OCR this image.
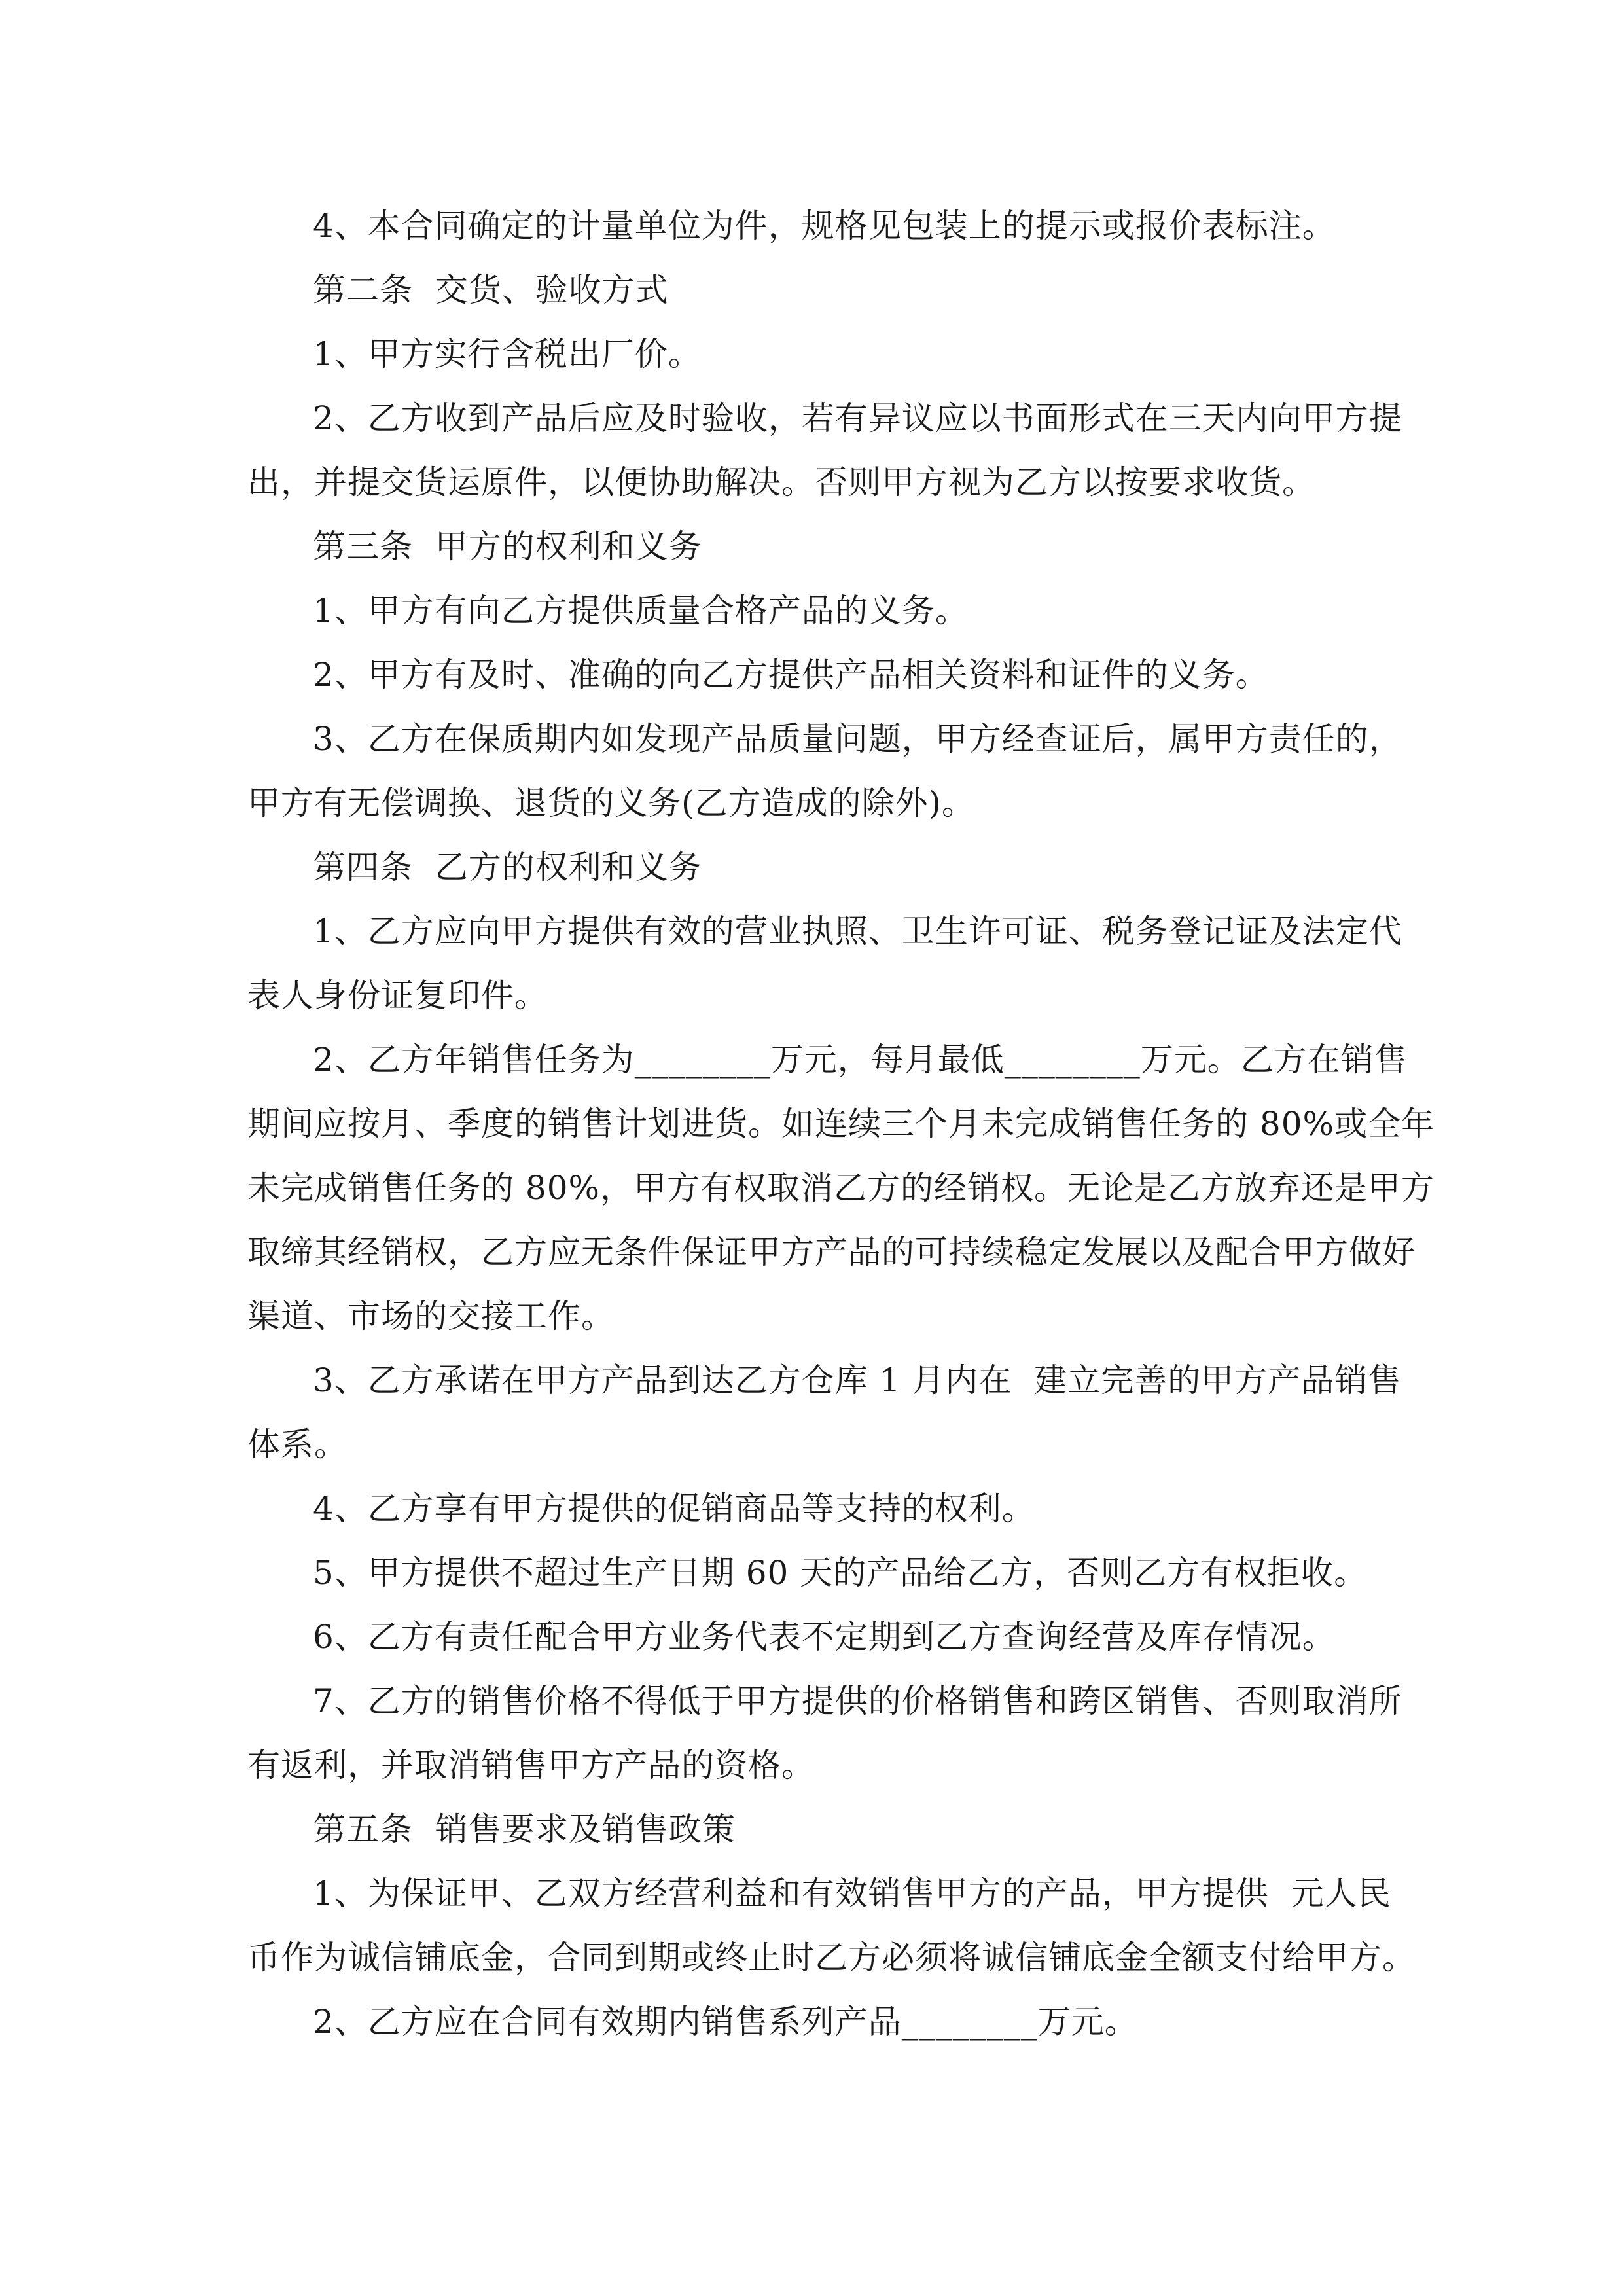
4、本合同确定的计量单位为件，规格见包装上的提示或报价表标注。
第二条  交货、验收方式
1、甲方实行含税出厂价。
2、乙方收到产品后应及时验收，若有异议应以书面形式在三天内向甲方提
出，并提交货运原件，以便协助解决。否则甲方视为乙方以按要求收货。
第三条  甲方的权利和义务
1、甲方有向乙方提供质量合格产品的义务。
2、甲方有及时、准确的向乙方提供产品相关资料和证件的义务。
3、乙方在保质期内如发现产品质量问题，甲方经查证后，属甲方责任的，
甲方有无偿调换、退货的义务(乙方造成的除外)。
第四条  乙方的权利和义务
1、乙方应向甲方提供有效的营业执照、卫生许可证、税务登记证及法定代
表人身份证复印件。
2、乙方年销售任务为________万元，每月最低________万元。乙方在销售
期间应按月、季度的销售计划进货。如连续三个月未完成销售任务的 80%或全年
未完成销售任务的 80%，甲方有权取消乙方的经销权。无论是乙方放弃还是甲方
取缔其经销权，乙方应无条件保证甲方产品的可持续稳定发展以及配合甲方做好
渠道、市场的交接工作。
3、乙方承诺在甲方产品到达乙方仓库 1 月内在  建立完善的甲方产品销售
体系。
4、乙方享有甲方提供的促销商品等支持的权利。
5、甲方提供不超过生产日期 60 天的产品给乙方，否则乙方有权拒收。
6、乙方有责任配合甲方业务代表不定期到乙方查询经营及库存情况。
7、乙方的销售价格不得低于甲方提供的价格销售和跨区销售、否则取消所
有返利，并取消销售甲方产品的资格。
第五条  销售要求及销售政策
1、为保证甲、乙双方经营利益和有效销售甲方的产品，甲方提供  元人民
币作为诚信铺底金，合同到期或终止时乙方必须将诚信铺底金全额支付给甲方。
2、乙方应在合同有效期内销售系列产品________万元。
